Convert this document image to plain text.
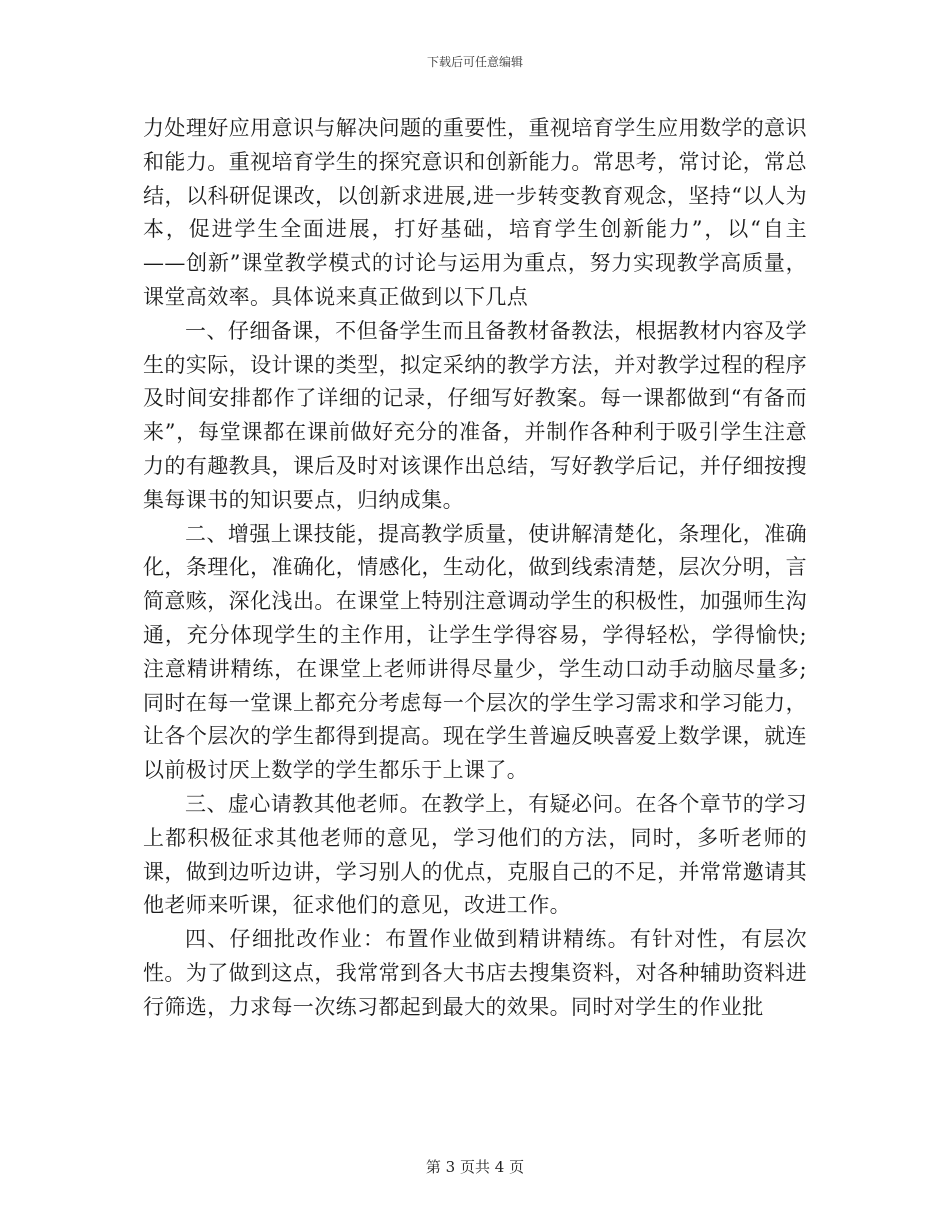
下载后可任意编辑

力处理好应用意识与解决问题的重要性，重视培育学生应用数学的意识和能力。重视培育学生的探究意识和创新能力。常思考，常讨论，常总结，以科研促课改，以创新求进展,进一步转变教育观念，坚持“以人为本，促进学生全面进展，打好基础，培育学生创新能力”，以“自主——创新”课堂教学模式的讨论与运用为重点，努力实现教学高质量，课堂高效率。具体说来真正做到以下几点

一、仔细备课，不但备学生而且备教材备教法，根据教材内容及学生的实际，设计课的类型，拟定采纳的教学方法，并对教学过程的程序及时间安排都作了详细的记录，仔细写好教案。每一课都做到“有备而来”，每堂课都在课前做好充分的准备，并制作各种利于吸引学生注意力的有趣教具，课后及时对该课作出总结，写好教学后记，并仔细按搜集每课书的知识要点，归纳成集。

二、增强上课技能，提高教学质量，使讲解清楚化，条理化，准确化，条理化，准确化，情感化，生动化，做到线索清楚，层次分明，言简意赅，深化浅出。在课堂上特别注意调动学生的积极性，加强师生沟通，充分体现学生的主作用，让学生学得容易，学得轻松，学得愉快;注意精讲精练，在课堂上老师讲得尽量少，学生动口动手动脑尽量多;同时在每一堂课上都充分考虑每一个层次的学生学习需求和学习能力，让各个层次的学生都得到提高。现在学生普遍反映喜爱上数学课，就连以前极讨厌上数学的学生都乐于上课了。

三、虚心请教其他老师。在教学上，有疑必问。在各个章节的学习上都积极征求其他老师的意见，学习他们的方法，同时，多听老师的课，做到边听边讲，学习别人的优点，克服自己的不足，并常常邀请其他老师来听课，征求他们的意见，改进工作。

四、仔细批改作业：布置作业做到精讲精练。有针对性，有层次性。为了做到这点，我常常到各大书店去搜集资料，对各种辅助资料进行筛选，力求每一次练习都起到最大的效果。同时对学生的作业批

第 3 页共 4 页
